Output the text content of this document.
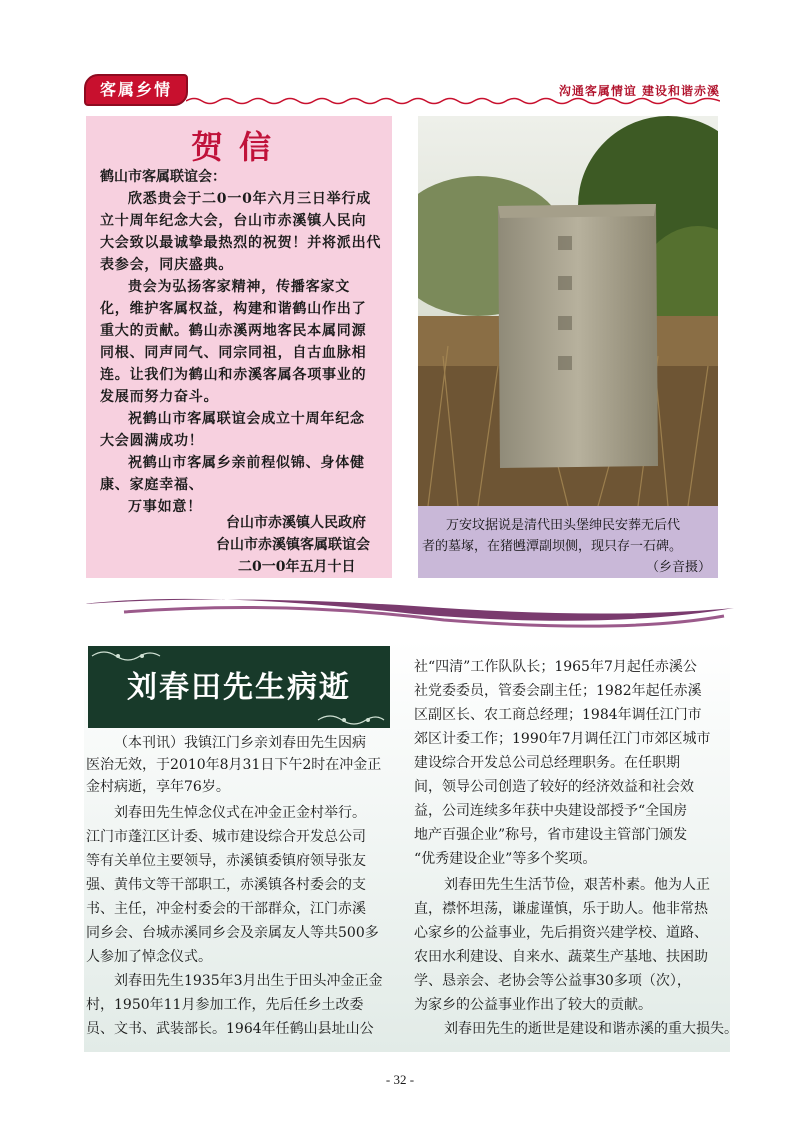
客属乡情	沟通客属情谊 建设和谐赤溪
贺信
鹤山市客属联谊会：
欣悉贵会于二0一0年六月三日举行成
立十周年纪念大会，台山市赤溪镇人民向
大会致以最诚挚最热烈的祝贺！并将派出代
表参会，同庆盛典。
贵会为弘扬客家精神，传播客家文
化，维护客属权益，构建和谐鹤山作出了
重大的贡献。鹤山赤溪两地客民本属同源
同根、同声同气、同宗同祖，自古血脉相
连。让我们为鹤山和赤溪客属各项事业的
发展而努力奋斗。
祝鹤山市客属联谊会成立十周年纪念
大会圆满成功！
祝鹤山市客属乡亲前程似锦、身体健
康、家庭幸福、
万事如意！
台山市赤溪镇人民政府
台山市赤溪镇客属联谊会
二0一0年五月十日
万安坟据说是清代田头堡绅民安葬无后代
者的墓塚，在猪乸潭副坝侧，现只存一石碑。
（乡音摄）
刘春田先生病逝
（本刊讯）我镇江门乡亲刘春田先生因病
医治无效，于2010年8月31日下午2时在冲金正
金村病逝，享年76岁。
刘春田先生悼念仪式在冲金正金村举行。
江门市蓬江区计委、城市建设综合开发总公司
等有关单位主要领导，赤溪镇委镇府领导张友
强、黄伟文等干部职工，赤溪镇各村委会的支
书、主任，冲金村委会的干部群众，江门赤溪
同乡会、台城赤溪同乡会及亲属友人等共500多
人参加了悼念仪式。
刘春田先生1935年3月出生于田头冲金正金
村，1950年11月参加工作，先后任乡土改委
员、文书、武装部长。1964年任鹤山县址山公
社“四清”工作队队长；1965年7月起任赤溪公
社党委委员，管委会副主任；1982年起任赤溪
区副区长、农工商总经理；1984年调任江门市
郊区计委工作；1990年7月调任江门市郊区城市
建设综合开发总公司总经理职务。在任职期
间，领导公司创造了较好的经济效益和社会效
益，公司连续多年获中央建设部授予“全国房
地产百强企业”称号，省市建设主管部门颁发
“优秀建设企业”等多个奖项。
刘春田先生生活节俭，艰苦朴素。他为人正
直，襟怀坦荡，谦虚谨慎，乐于助人。他非常热
心家乡的公益事业，先后捐资兴建学校、道路、
农田水利建设、自来水、蔬菜生产基地、扶困助
学、恳亲会、老协会等公益事30多项（次），
为家乡的公益事业作出了较大的贡献。
刘春田先生的逝世是建设和谐赤溪的重大损失。
- 32 -
